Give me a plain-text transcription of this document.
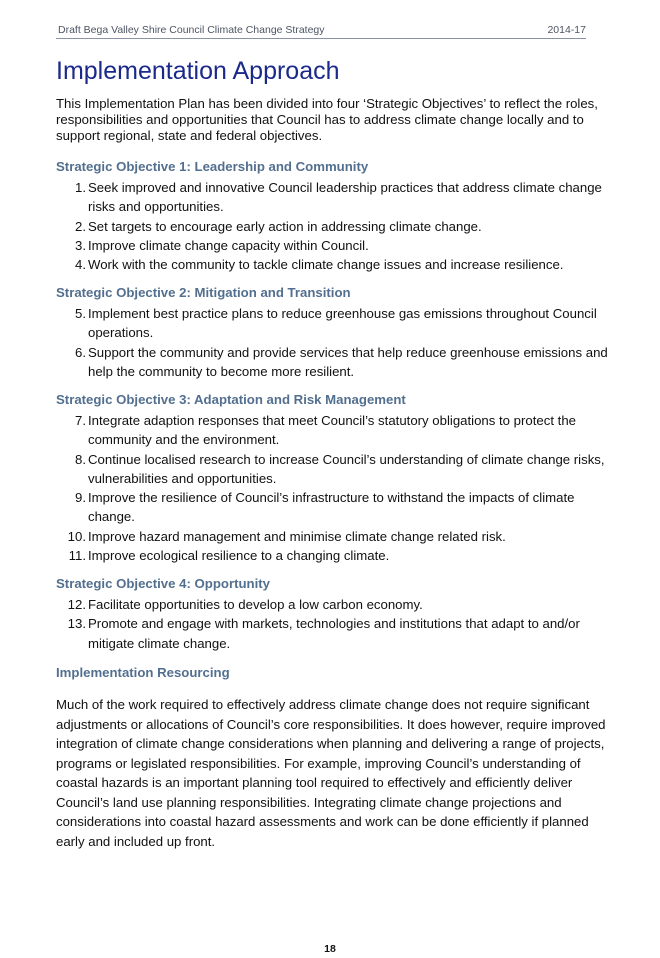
Draft Bega Valley Shire Council Climate Change Strategy	2014-17
Implementation Approach

This Implementation Plan has been divided into four ‘Strategic Objectives’ to reflect the roles, responsibilities and opportunities that Council has to address climate change locally and to support regional, state and federal objectives.

Strategic Objective 1: Leadership and Community
1. Seek improved and innovative Council leadership practices that address climate change risks and opportunities.
2. Set targets to encourage early action in addressing climate change.
3. Improve climate change capacity within Council.
4. Work with the community to tackle climate change issues and increase resilience.
Strategic Objective 2: Mitigation and Transition
5. Implement best practice plans to reduce greenhouse gas emissions throughout Council operations.
6. Support the community and provide services that help reduce greenhouse emissions and help the community to become more resilient.
Strategic Objective 3: Adaptation and Risk Management
7. Integrate adaption responses that meet Council’s statutory obligations to protect the community and the environment.
8. Continue localised research to increase Council’s understanding of climate change risks, vulnerabilities and opportunities.
9. Improve the resilience of Council’s infrastructure to withstand the impacts of climate change.
10. Improve hazard management and minimise climate change related risk.
11. Improve ecological resilience to a changing climate.
Strategic Objective 4: Opportunity
12. Facilitate opportunities to develop a low carbon economy.
13. Promote and engage with markets, technologies and institutions that adapt to and/or mitigate climate change.
Implementation Resourcing

Much of the work required to effectively address climate change does not require significant adjustments or allocations of Council’s core responsibilities. It does however, require improved integration of climate change considerations when planning and delivering a range of projects, programs or legislated responsibilities. For example, improving Council’s understanding of coastal hazards is an important planning tool required to effectively and efficiently deliver Council’s land use planning responsibilities. Integrating climate change projections and considerations into coastal hazard assessments and work can be done efficiently if planned early and included up front.

18
